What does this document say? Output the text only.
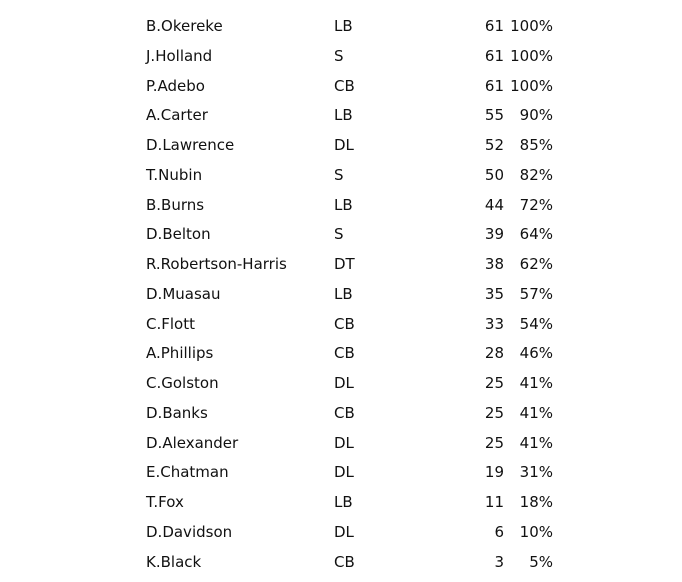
	B.Okereke	LB	61	100%	
	J.Holland	S	61	100%	
	P.Adebo	CB	61	100%	
	A.Carter	LB	55	90%	
	D.Lawrence	DL	52	85%	
	T.Nubin	S	50	82%	
	B.Burns	LB	44	72%	
	D.Belton	S	39	64%	
	R.Robertson-Harris	DT	38	62%	
	D.Muasau	LB	35	57%	
	C.Flott	CB	33	54%	
	A.Phillips	CB	28	46%	
	C.Golston	DL	25	41%	
	D.Banks	CB	25	41%	
	D.Alexander	DL	25	41%	
	E.Chatman	DL	19	31%	
	T.Fox	LB	11	18%	
	D.Davidson	DL	6	10%	
	K.Black	CB	3	5%	
